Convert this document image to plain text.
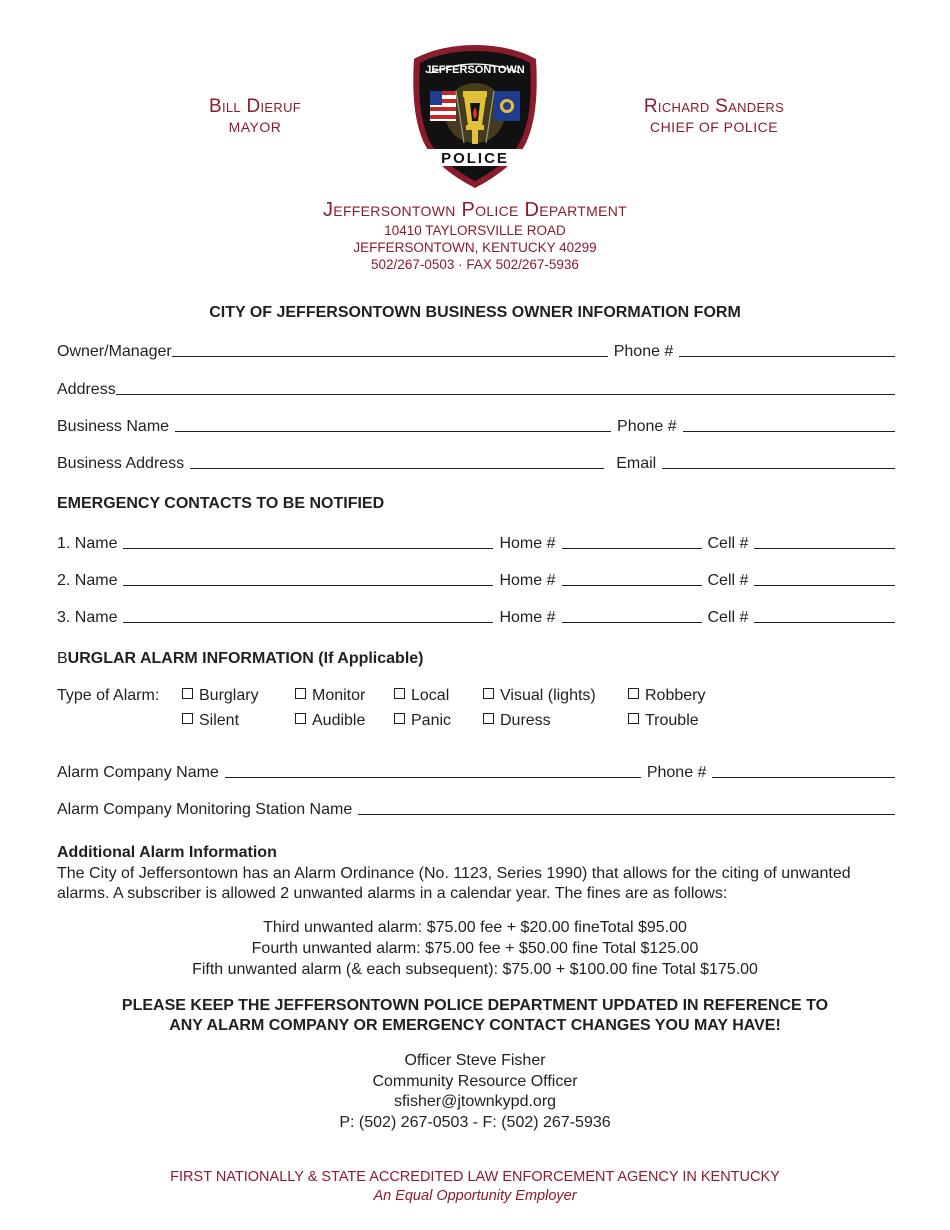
Bill Dieruf
MAYOR
Richard Sanders
CHIEF OF POLICE
JEFFERSONTOWN
POLICE
Jeffersontown Police Department
10410 TAYLORSVILLE ROAD
JEFFERSONTOWN, KENTUCKY 40299
502/267-0503 · FAX 502/267-5936
CITY OF JEFFERSONTOWN BUSINESS OWNER INFORMATION FORM
Owner/Manager	Phone #
Address
Business Name	Phone #
Business Address	Email
EMERGENCY CONTACTS TO BE NOTIFIED
1. Name	Home #	Cell #
2. Name	Home #	Cell #
3. Name	Home #	Cell #
BURGLAR ALARM INFORMATION (If Applicable)
Type of Alarm:	Burglary	Monitor	Local	Visual (lights)	Robbery
Silent	Audible	Panic	Duress	Trouble
Alarm Company Name	Phone #
Alarm Company Monitoring Station Name
Additional Alarm Information
The City of Jeffersontown has an Alarm Ordinance (No. 1123, Series 1990) that allows for the citing of unwanted alarms. A subscriber is allowed 2 unwanted alarms in a calendar year. The fines are as follows:
Third unwanted alarm: $75.00 fee + $20.00 fineTotal $95.00
Fourth unwanted alarm: $75.00 fee + $50.00 fine Total $125.00
Fifth unwanted alarm (& each subsequent): $75.00 + $100.00 fine Total $175.00
PLEASE KEEP THE JEFFERSONTOWN POLICE DEPARTMENT UPDATED IN REFERENCE TO
ANY ALARM COMPANY OR EMERGENCY CONTACT CHANGES YOU MAY HAVE!
Officer Steve Fisher
Community Resource Officer
sfisher@jtownkypd.org
P: (502) 267-0503 - F: (502) 267-5936
FIRST NATIONALLY & STATE ACCREDITED LAW ENFORCEMENT AGENCY IN KENTUCKY
An Equal Opportunity Employer
